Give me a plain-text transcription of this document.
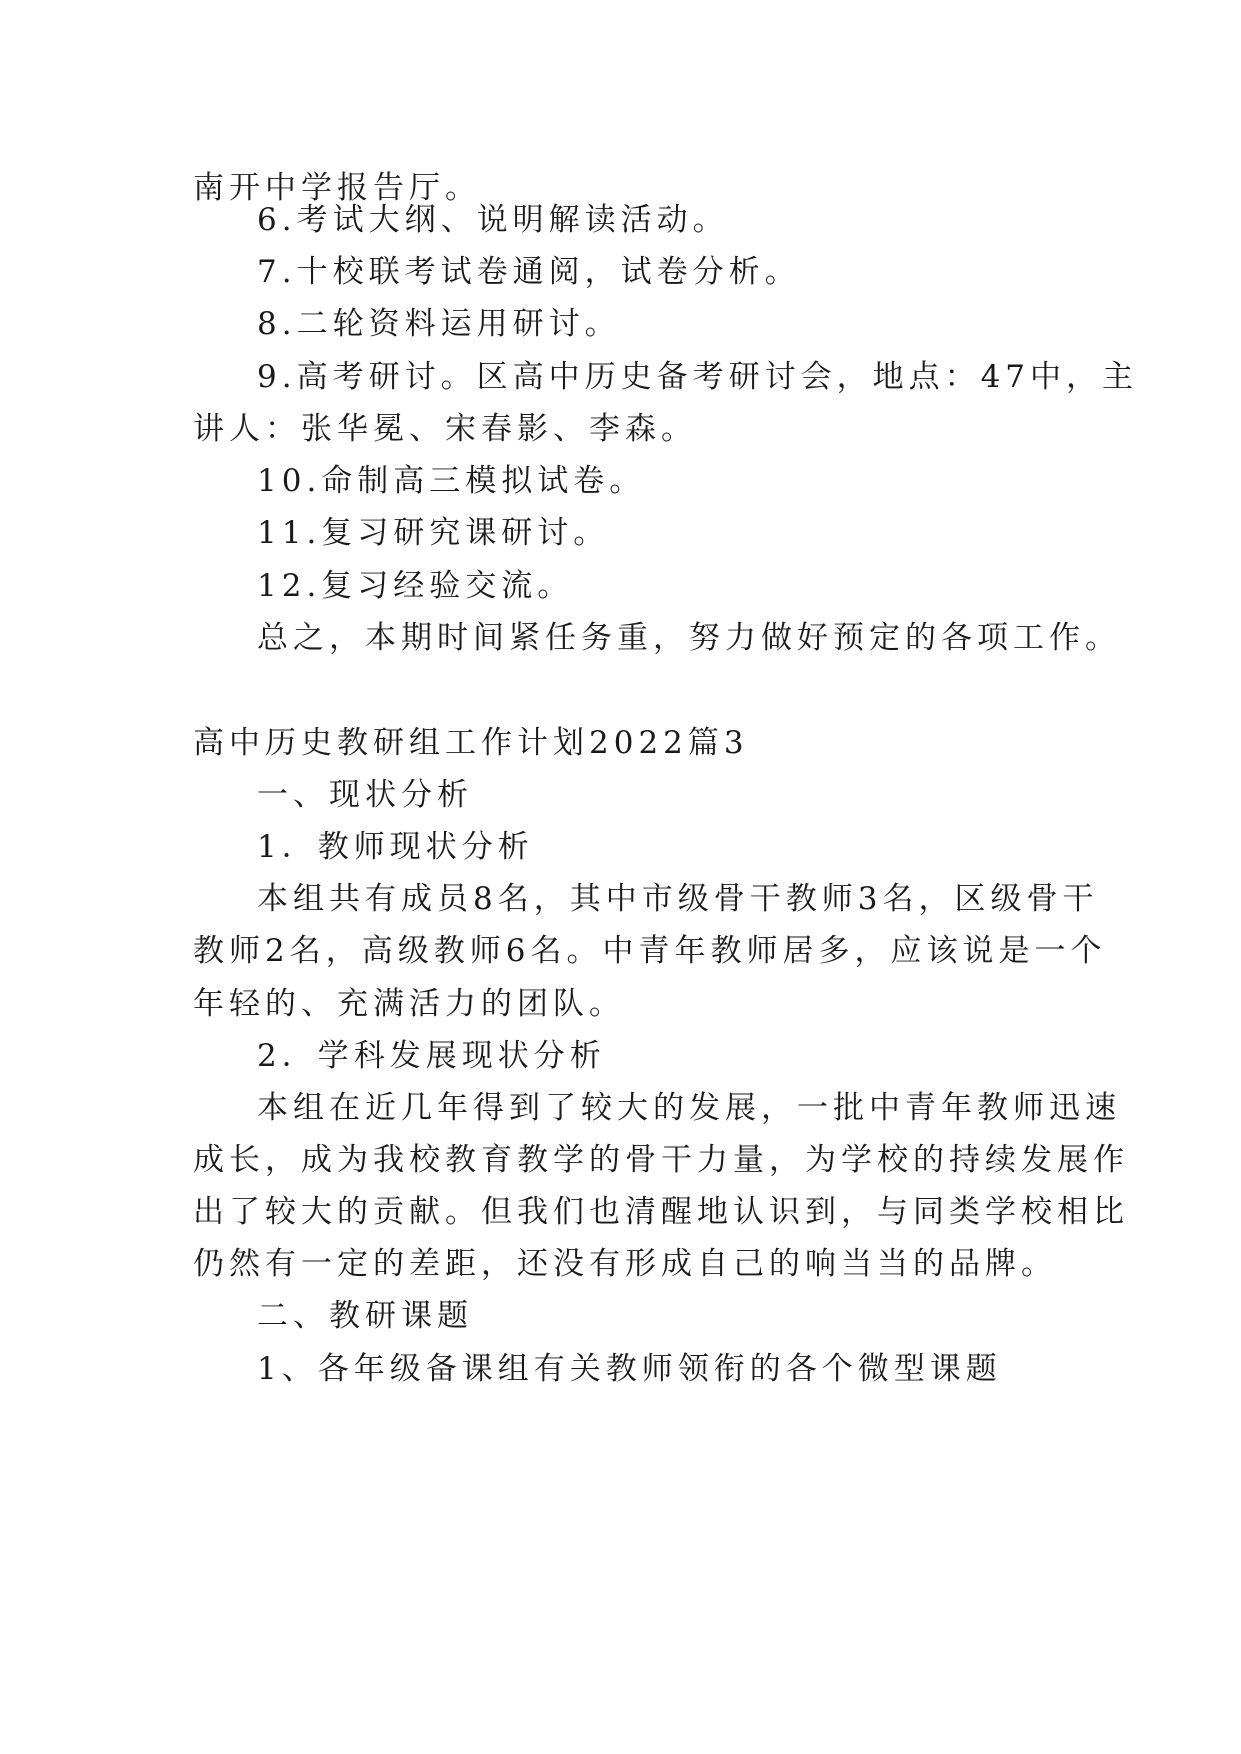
南开中学报告厅。
6.考试大纲、说明解读活动。
7.十校联考试卷通阅，试卷分析。
8.二轮资料运用研讨。
9.高考研讨。区高中历史备考研讨会，地点：47中，主
讲人：张华冕、宋春影、李森。
10.命制高三模拟试卷。
11.复习研究课研讨。
12.复习经验交流。
总之，本期时间紧任务重，努力做好预定的各项工作。
高中历史教研组工作计划2022篇3
一、现状分析
1．教师现状分析
本组共有成员8名，其中市级骨干教师3名，区级骨干
教师2名，高级教师6名。中青年教师居多，应该说是一个
年轻的、充满活力的团队。
2．学科发展现状分析
本组在近几年得到了较大的发展，一批中青年教师迅速
成长，成为我校教育教学的骨干力量，为学校的持续发展作
出了较大的贡献。但我们也清醒地认识到，与同类学校相比
仍然有一定的差距，还没有形成自己的响当当的品牌。
二、教研课题
1、各年级备课组有关教师领衔的各个微型课题
